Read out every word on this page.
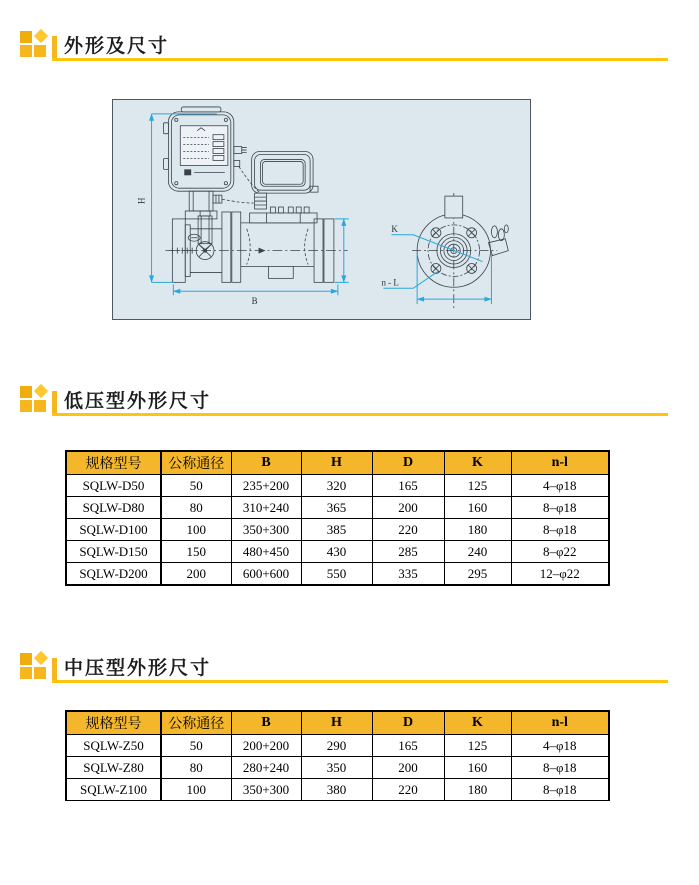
外形及尺寸
H
B
K
n - L
低压型外形尺寸
规格型号	公称通径	B	H	D	K	n-l
SQLW-D50	50	235+200	320	165	125	4–φ18
SQLW-D80	80	310+240	365	200	160	8–φ18
SQLW-D100	100	350+300	385	220	180	8–φ18
SQLW-D150	150	480+450	430	285	240	8–φ22
SQLW-D200	200	600+600	550	335	295	12–φ22
中压型外形尺寸
规格型号	公称通径	B	H	D	K	n-l
SQLW-Z50	50	200+200	290	165	125	4–φ18
SQLW-Z80	80	280+240	350	200	160	8–φ18
SQLW-Z100	100	350+300	380	220	180	8–φ18
